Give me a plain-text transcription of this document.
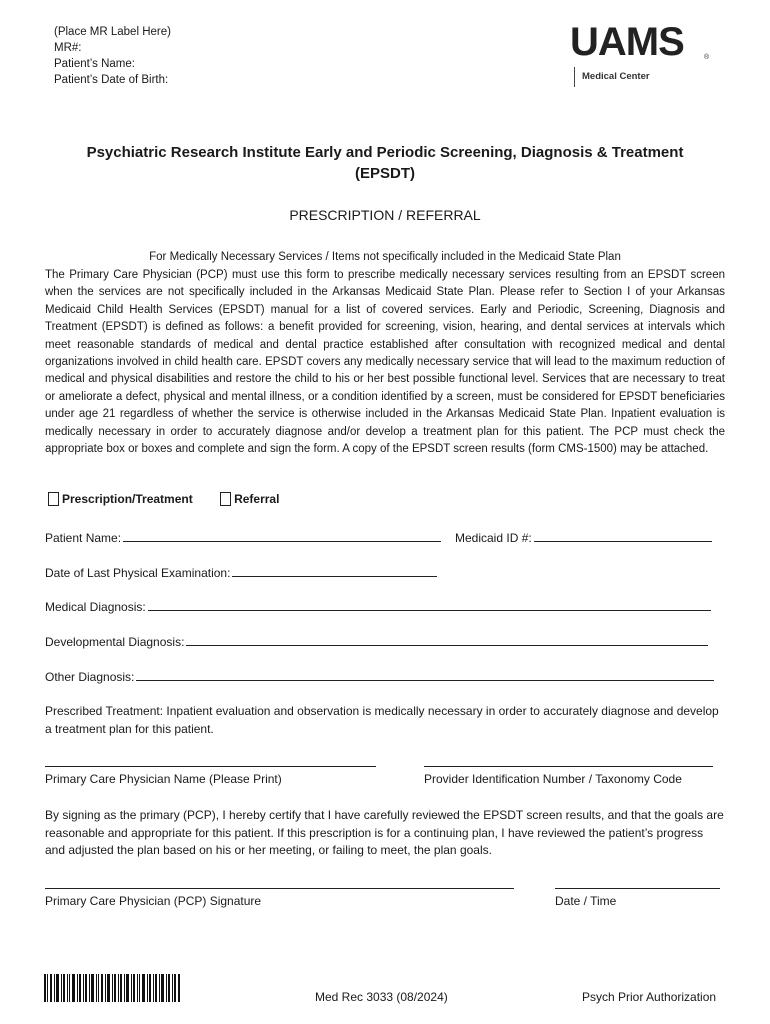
(Place MR Label Here)
MR#:
Patient’s Name:
Patient’s Date of Birth:
UAMS	®
Medical Center
Psychiatric Research Institute Early and Periodic Screening, Diagnosis & Treatment (EPSDT)
PRESCRIPTION / REFERRAL
For Medically Necessary Services / Items not specifically included in the Medicaid State Plan
The Primary Care Physician (PCP) must use this form to prescribe medically necessary services resulting from an EPSDT screen when the services are not specifically included in the Arkansas Medicaid State Plan. Please refer to Section I of your Arkansas Medicaid Child Health Services (EPSDT) manual for a list of covered services. Early and Periodic, Screening, Diagnosis and Treatment (EPSDT) is defined as follows: a benefit provided for screening, vision, hearing, and dental services at intervals which meet reasonable standards of medical and dental practice established after consultation with recognized medical and dental organizations involved in child health care. EPSDT covers any medically necessary service that will lead to the maximum reduction of medical and physical disabilities and restore the child to his or her best possible functional level. Services that are necessary to treat or ameliorate a defect, physical and mental illness, or a condition identified by a screen, must be considered for EPSDT beneficiaries under age 21 regardless of whether the service is otherwise included in the Arkansas Medicaid State Plan. Inpatient evaluation is medically necessary in order to accurately diagnose and/or develop a treatment plan for this patient. The PCP must check the appropriate box or boxes and complete and sign the form. A copy of the EPSDT screen results (form CMS-1500) may be attached.
Prescription/Treatment
	Referral
Patient Name:	Medicaid ID #:
Date of Last Physical Examination:
Medical Diagnosis:
Developmental Diagnosis:
Other Diagnosis:
Prescribed Treatment: Inpatient evaluation and observation is medically necessary in order to accurately diagnose and develop a treatment plan for this patient.
Primary Care Physician Name (Please Print)	Provider Identification Number / Taxonomy Code
By signing as the primary (PCP), I hereby certify that I have carefully reviewed the EPSDT screen results, and that the goals are reasonable and appropriate for this patient. If this prescription is for a continuing plan, I have reviewed the patient’s progress and adjusted the plan based on his or her meeting, or failing to meet, the plan goals.
Primary Care Physician (PCP) Signature	Date / Time
Med Rec 3033 (08/2024)	Psych Prior Authorization
